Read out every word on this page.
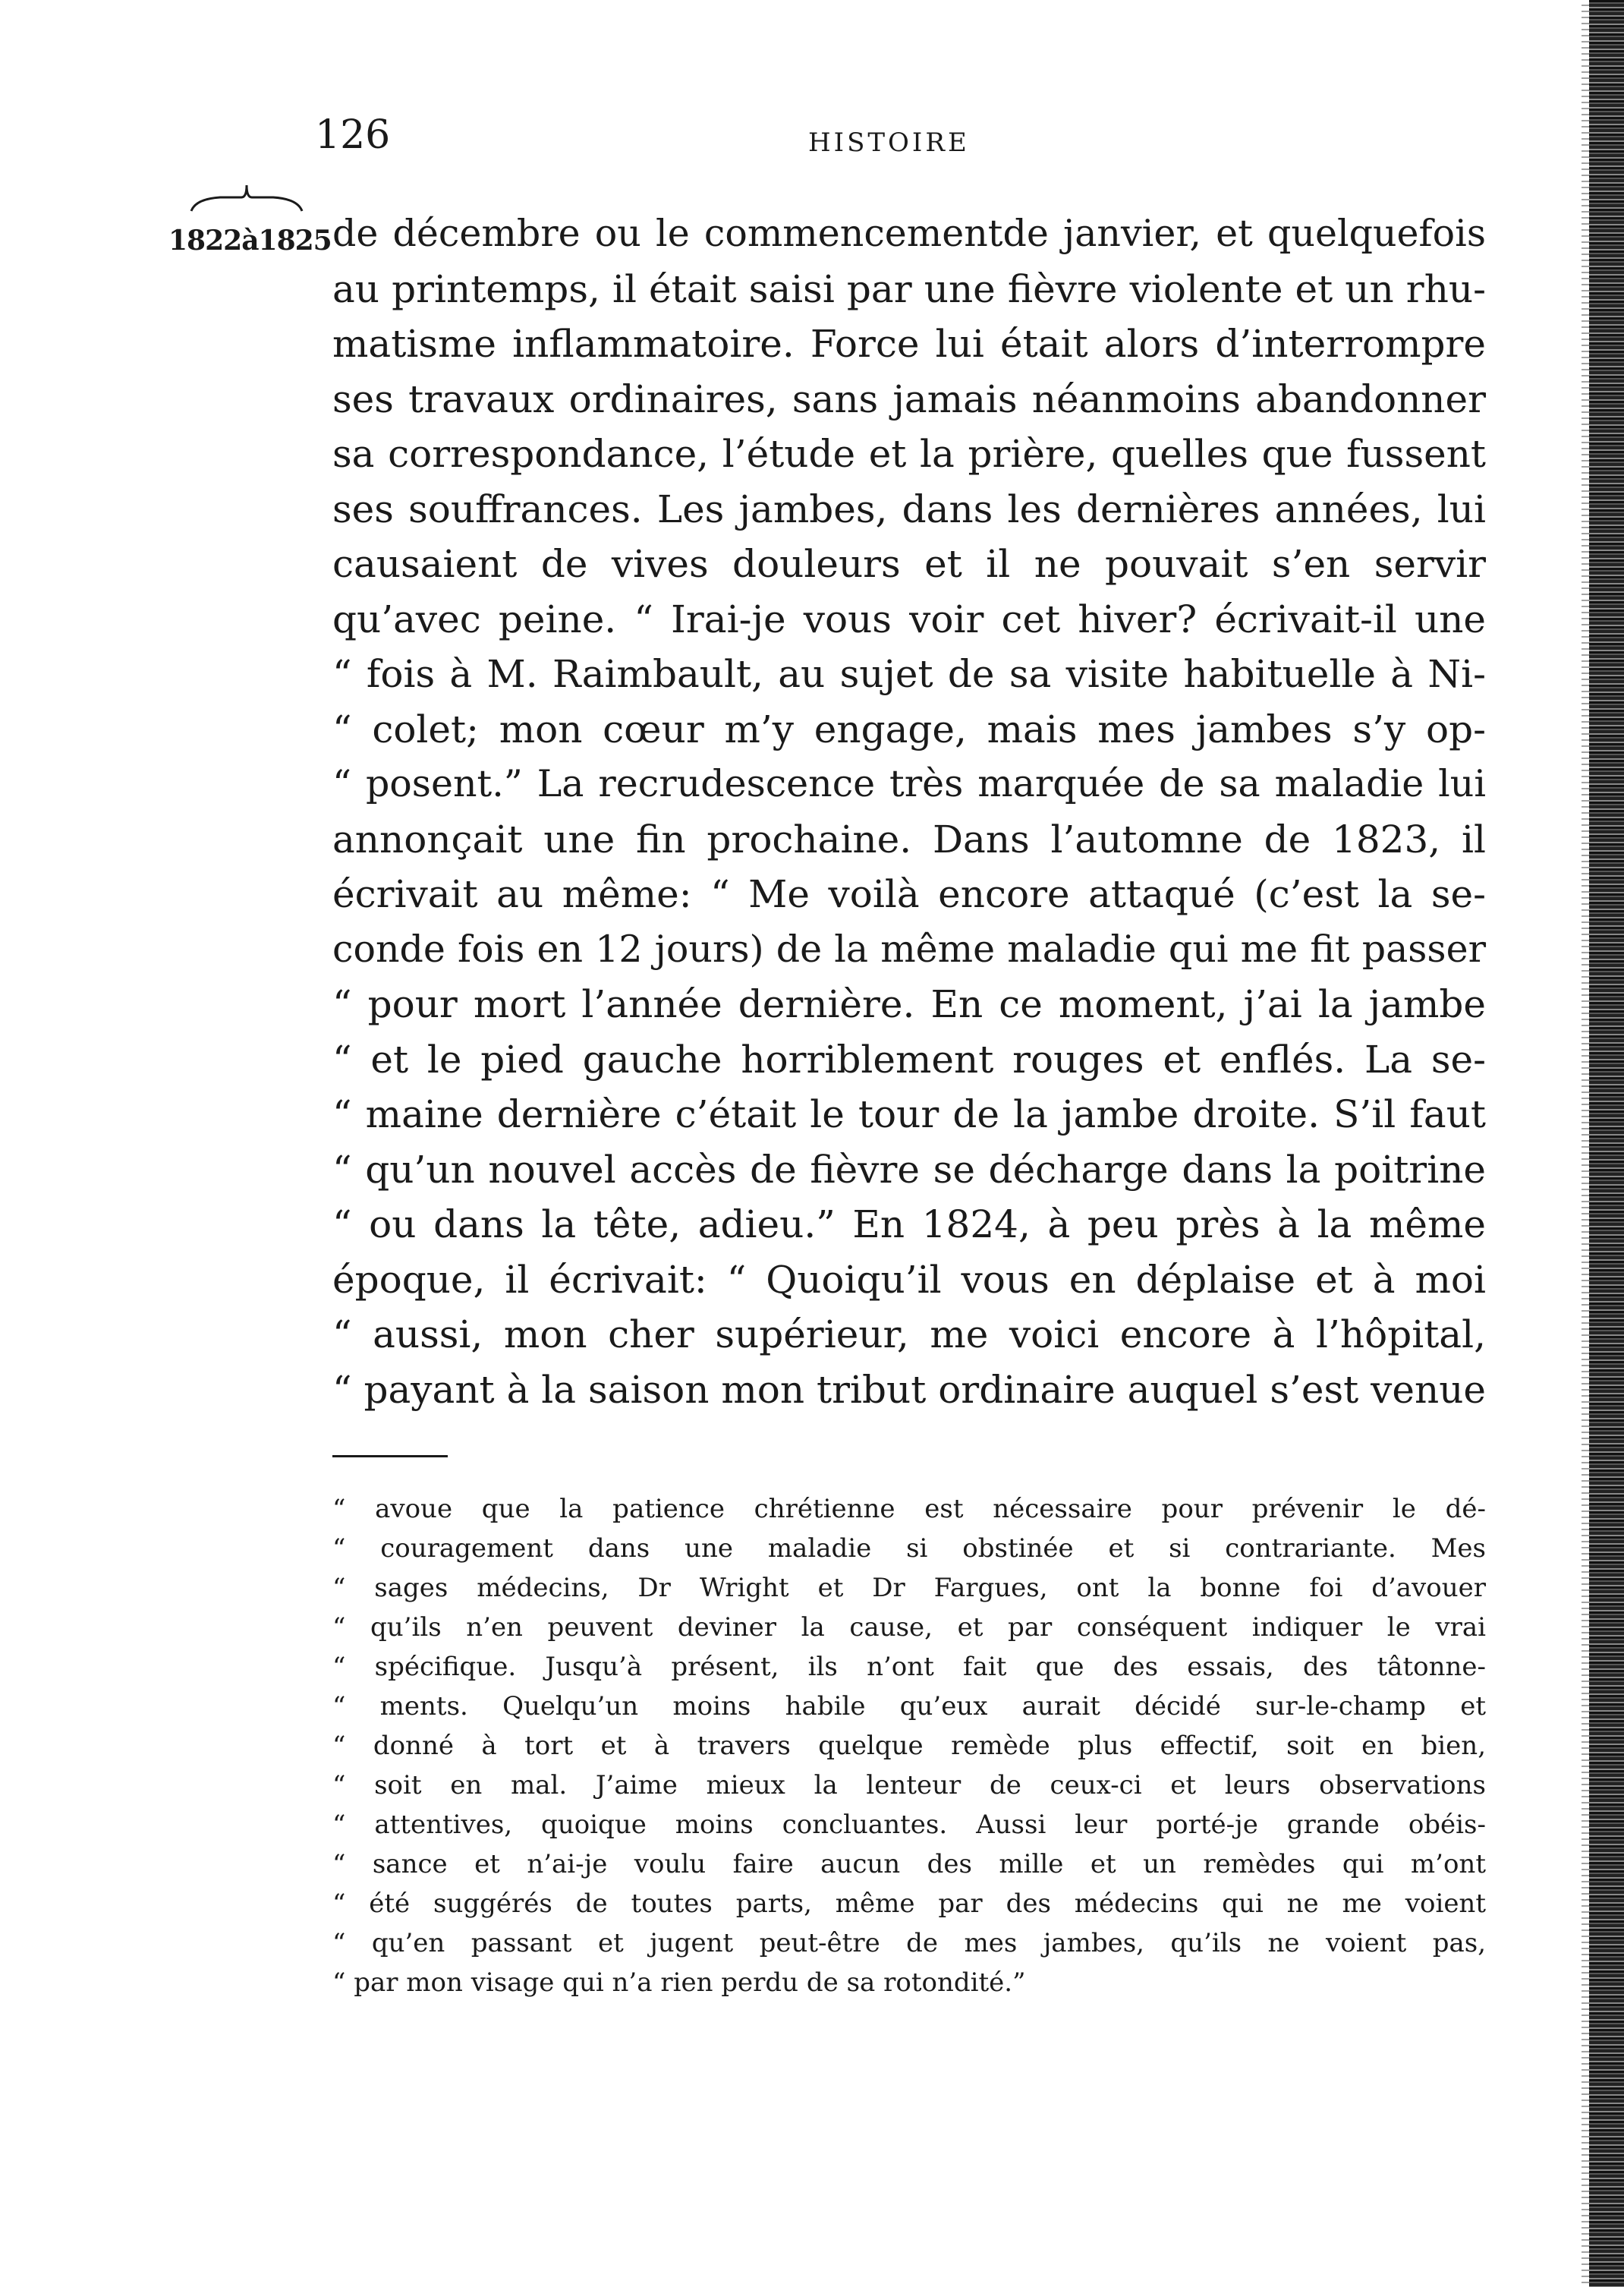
126	HISTOIRE
1822à1825 de décembre ou le commencementde janvier, et quelquefois
au printemps, il était saisi par une fièvre violente et un rhu-
matisme inflammatoire. Force lui était alors d’interrompre
ses travaux ordinaires, sans jamais néanmoins abandonner
sa correspondance, l’étude et la prière, quelles que fussent
ses souffrances. Les jambes, dans les dernières années, lui
causaient de vives douleurs et il ne pouvait s’en servir
qu’avec peine. “ Irai-je vous voir cet hiver? écrivait-il une
“ fois à M. Raimbault, au sujet de sa visite habituelle à Ni-
“ colet; mon cœur m’y engage, mais mes jambes s’y op-
“ posent.” La recrudescence très marquée de sa maladie lui
annonçait une fin prochaine. Dans l’automne de 1823, il
écrivait au même: “ Me voilà encore attaqué (c’est la se-
conde fois en 12 jours) de la même maladie qui me fit passer
“ pour mort l’année dernière. En ce moment, j’ai la jambe
“ et le pied gauche horriblement rouges et enflés. La se-
“ maine dernière c’était le tour de la jambe droite. S’il faut
“ qu’un nouvel accès de fièvre se décharge dans la poitrine
“ ou dans la tête, adieu.” En 1824, à peu près à la même
époque, il écrivait: “ Quoiqu’il vous en déplaise et à moi
“ aussi, mon cher supérieur, me voici encore à l’hôpital,
“ payant à la saison mon tribut ordinaire auquel s’est venue
“ avoue que la patience chrétienne est nécessaire pour prévenir le dé-
“ couragement dans une maladie si obstinée et si contrariante. Mes
“ sages médecins, Dr Wright et Dr Fargues, ont la bonne foi d’avouer
“ qu’ils n’en peuvent deviner la cause, et par conséquent indiquer le vrai
“ spécifique. Jusqu’à présent, ils n’ont fait que des essais, des tâtonne-
“ ments. Quelqu’un moins habile qu’eux aurait décidé sur-le-champ et
“ donné à tort et à travers quelque remède plus effectif, soit en bien,
“ soit en mal. J’aime mieux la lenteur de ceux-ci et leurs observations
“ attentives, quoique moins concluantes. Aussi leur porté-je grande obéis-
“ sance et n’ai-je voulu faire aucun des mille et un remèdes qui m’ont
“ été suggérés de toutes parts, même par des médecins qui ne me voient
“ qu’en passant et jugent peut-être de mes jambes, qu’ils ne voient pas,
“ par mon visage qui n’a rien perdu de sa rotondité.”
